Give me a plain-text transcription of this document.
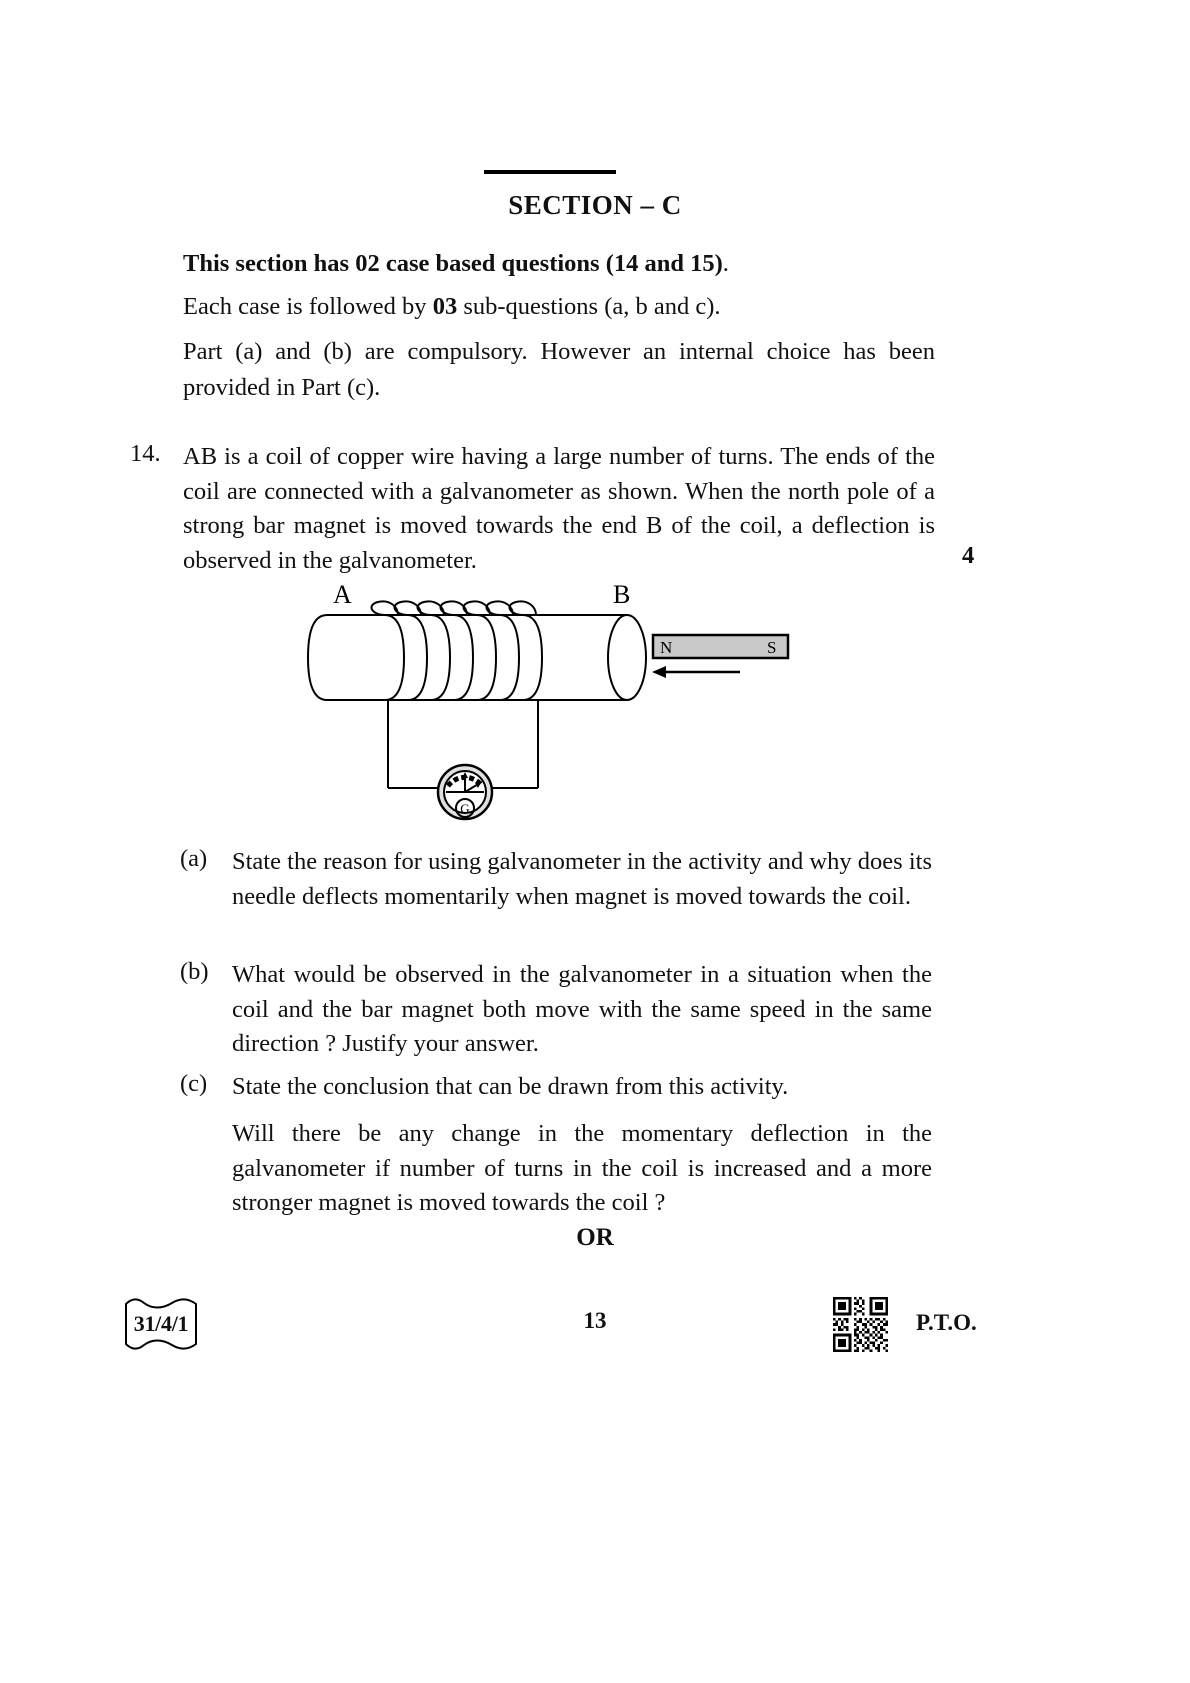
SECTION – C
This section has 02 case based questions (14 and 15).
Each case is followed by 03 sub-questions (a, b and c).
Part (a) and (b) are compulsory. However an internal choice has been provided in Part (c).
14. AB is a coil of copper wire having a large number of turns. The ends of the coil are connected with a galvanometer as shown. When the north pole of a strong bar magnet is moved towards the end B of the coil, a deflection is observed in the galvanometer.	4
A	B
G
N	S
(a)	State the reason for using galvanometer in the activity and why does its needle deflects momentarily when magnet is moved towards the coil.
(b) What would be observed in the galvanometer in a situation when the coil and the bar magnet both move with the same speed in the same direction ? Justify your answer.
(c)	State the conclusion that can be drawn from this activity.
Will there be any change in the momentary deflection in the galvanometer if number of turns in the coil is increased and a more stronger magnet is moved towards the coil ?
OR
31/4/1	13	P.T.O.
